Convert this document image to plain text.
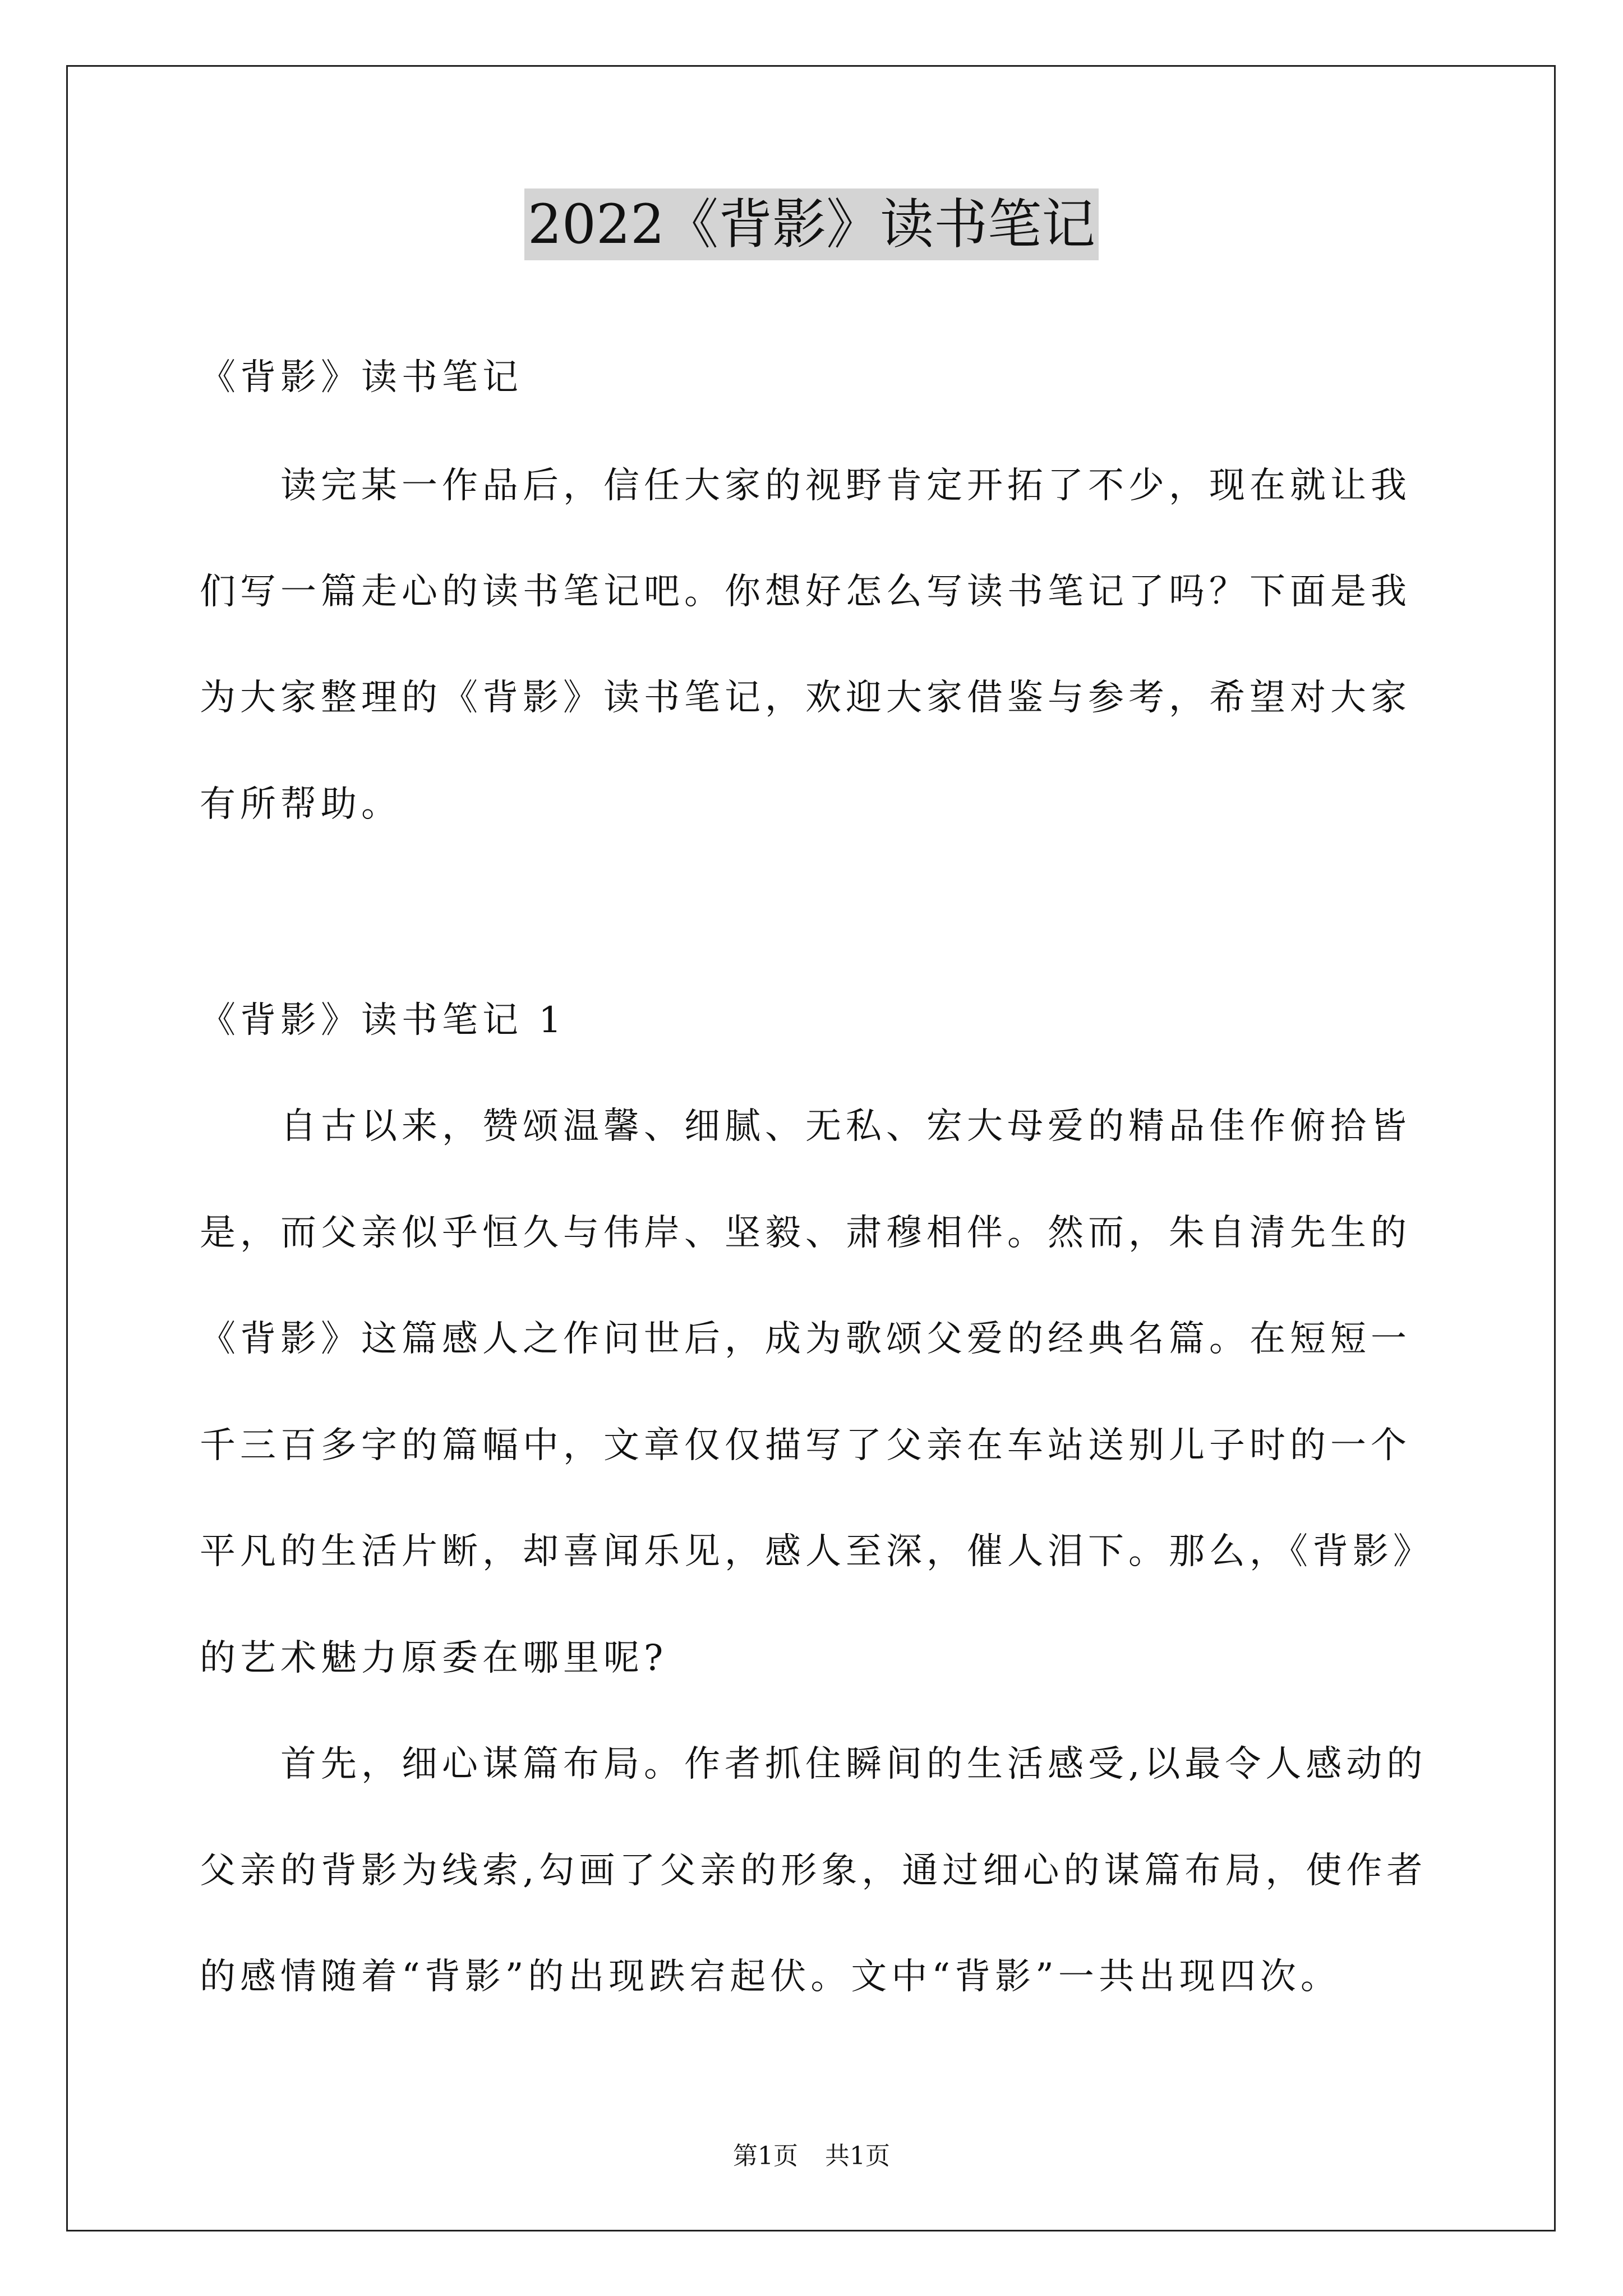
2022《背影》读书笔记
《背影》读书笔记
　　读完某一作品后，信任大家的视野肯定开拓了不少，现在就让我
们写一篇走心的读书笔记吧。你想好怎么写读书笔记了吗？下面是我
为大家整理的《背影》读书笔记，欢迎大家借鉴与参考，希望对大家
有所帮助。
《背影》读书笔记 1
　　自古以来，赞颂温馨、细腻、无私、宏大母爱的精品佳作俯拾皆
是，而父亲似乎恒久与伟岸、坚毅、肃穆相伴。然而，朱自清先生的
《背影》这篇感人之作问世后，成为歌颂父爱的经典名篇。在短短一
千三百多字的篇幅中，文章仅仅描写了父亲在车站送别儿子时的一个
平凡的生活片断，却喜闻乐见，感人至深，催人泪下。那么，《背影》
的艺术魅力原委在哪里呢?
　　首先，细心谋篇布局。作者抓住瞬间的生活感受,以最令人感动的
父亲的背影为线索,勾画了父亲的形象，通过细心的谋篇布局，使作者
的感情随着“背影”的出现跌宕起伏。文中“背影”一共出现四次。
第1页 共1页
